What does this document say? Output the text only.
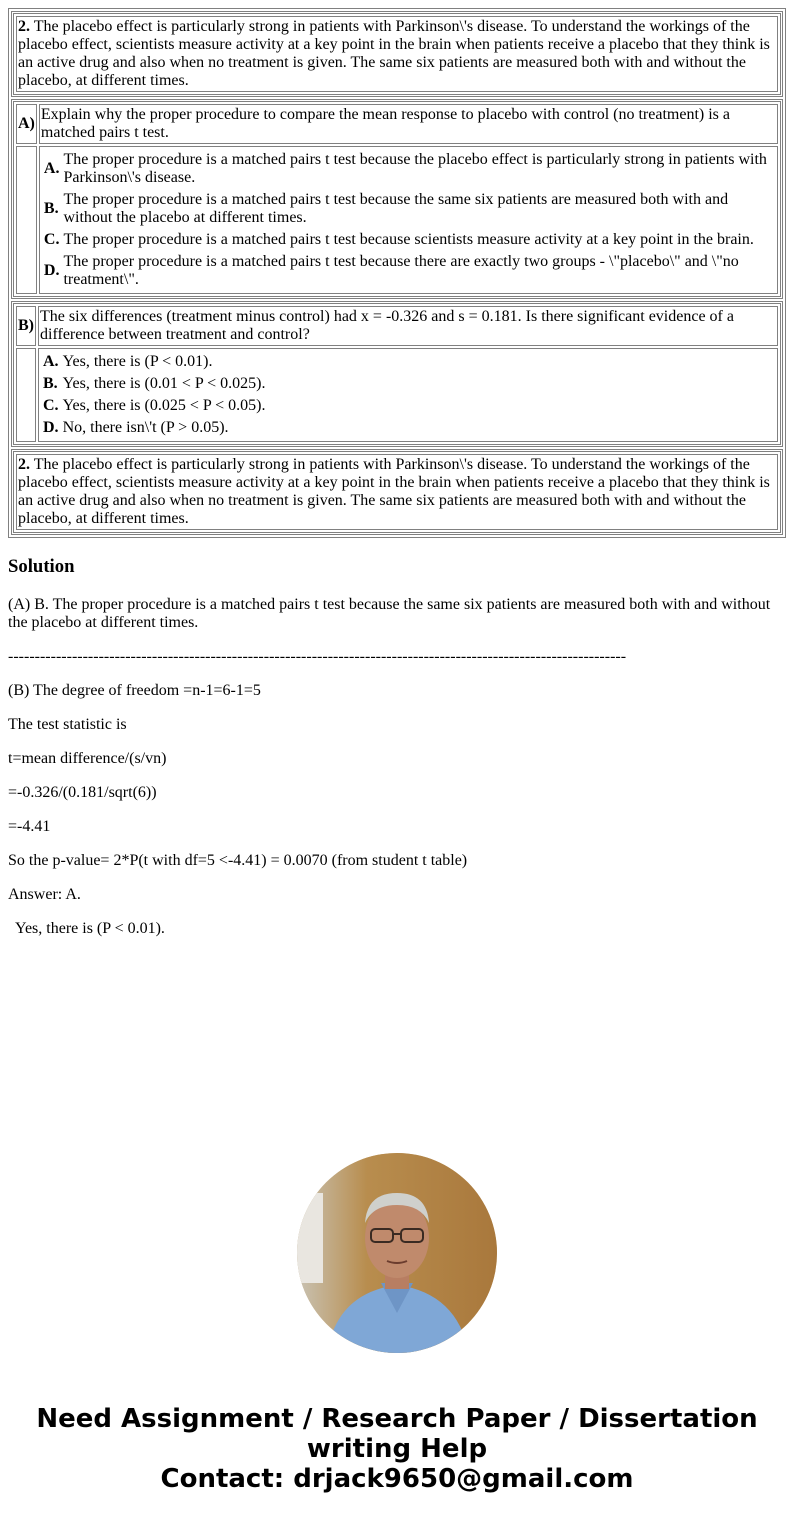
2. The placebo effect is particularly strong in patients with Parkinson\'s disease. To understand the workings of the placebo effect, scientists measure activity at a key point in the brain when patients receive a placebo that they think is an active drug and also when no treatment is given. The same six patients are measured both with and without the placebo, at different times.

A)	Explain why the proper procedure to compare the mean response to placebo with control (no treatment) is a matched pairs t test.

A.	The proper procedure is a matched pairs t test because the placebo effect is particularly strong in patients with Parkinson\'s disease.
B.	The proper procedure is a matched pairs t test because the same six patients are measured both with and without the placebo at different times.
C.	The proper procedure is a matched pairs t test because scientists measure activity at a key point in the brain.
D.	The proper procedure is a matched pairs t test because there are exactly two groups - \"placebo\" and \"no treatment\".

B)	The six differences (treatment minus control) had x = -0.326 and s = 0.181. Is there significant evidence of a difference between treatment and control?

A.	Yes, there is (P < 0.01).
B.	Yes, there is (0.01 < P < 0.025).
C.	Yes, there is (0.025 < P < 0.05).
D.	No, there isn\'t (P > 0.05).

2. The placebo effect is particularly strong in patients with Parkinson\'s disease. To understand the workings of the placebo effect, scientists measure activity at a key point in the brain when patients receive a placebo that they think is an active drug and also when no treatment is given. The same six patients are measured both with and without the placebo, at different times.
Solution

(A) B. The proper procedure is a matched pairs t test because the same six patients are measured both with and without the placebo at different times.

--------------------------------------------------------------------------------------------------------------------

(B) The degree of freedom =n-1=6-1=5

The test statistic is

t=mean difference/(s/vn)

=-0.326/(0.181/sqrt(6))

=-4.41

So the p-value= 2*P(t with df=5 <-4.41) = 0.0070 (from student t table)

Answer: A.

Yes, there is (P < 0.01).

Need Assignment / Research Paper / Dissertation
writing Help
Contact: drjack9650@gmail.com
